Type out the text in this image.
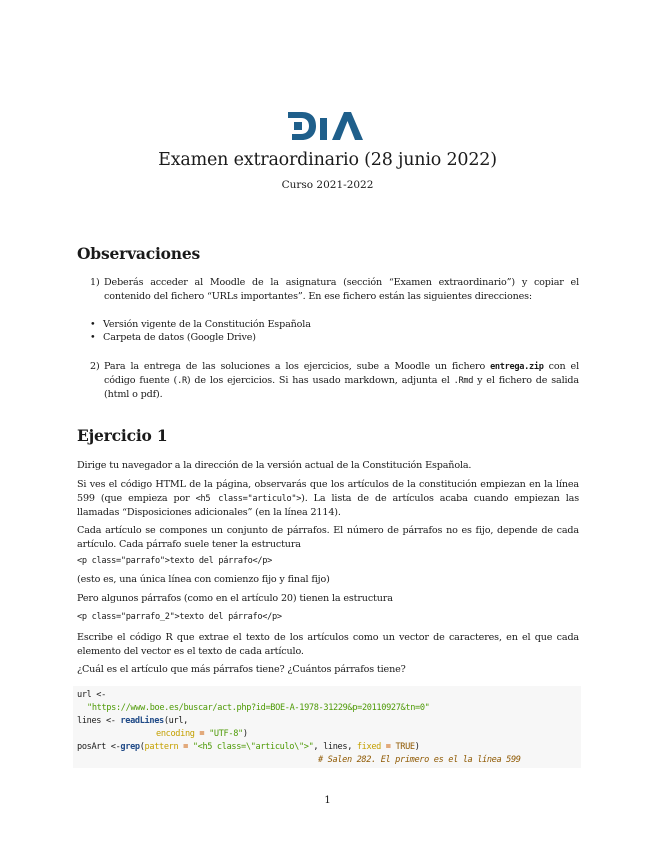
Examen extraordinario (28 junio 2022)
Curso 2021-2022
Observaciones
1) Deberás acceder al Moodle de la asignatura (sección “Examen extraordinario”) y copiar el contenido del fichero “URLs importantes”. En ese fichero están las siguientes direcciones:
• Versión vigente de la Constitución Española
• Carpeta de datos (Google Drive)
2) Para la entrega de las soluciones a los ejercicios, sube a Moodle un fichero entrega.zip con el código fuente (.R) de los ejercicios. Si has usado markdown, adjunta el .Rmd y el fichero de salida (html o pdf).
Ejercicio 1

Dirige tu navegador a la dirección de la versión actual de la Constitución Española.

Si ves el código HTML de la página, observarás que los artículos de la constitución empiezan en la línea 599 (que empieza por <h5 class="articulo">). La lista de de artículos acaba cuando empiezan las llamadas “Disposiciones adicionales” (en la línea 2114).

Cada artículo se compones un conjunto de párrafos. El número de párrafos no es fijo, depende de cada artículo. Cada párrafo suele tener la estructura

<p class="parrafo">texto del párrafo</p>

(esto es, una única línea con comienzo fijo y final fijo)

Pero algunos párrafos (como en el artículo 20) tienen la estructura

<p class="parrafo_2">texto del párrafo</p>

Escribe el código R que extrae el texto de los artículos como un vector de caracteres, en el que cada elemento del vector es el texto de cada artículo.

¿Cuál es el artículo que más párrafos tiene? ¿Cuántos párrafos tiene?

url <-
"https://www.boe.es/buscar/act.php?id=BOE-A-1978-31229&p=20110927&tn=0"
lines <- readLines(url,
encoding = "UTF-8")
posArt <-grep(pattern = "<h5 class=\"articulo\">", lines, fixed = TRUE)
# Salen 282. El primero es el la línea 599
1
